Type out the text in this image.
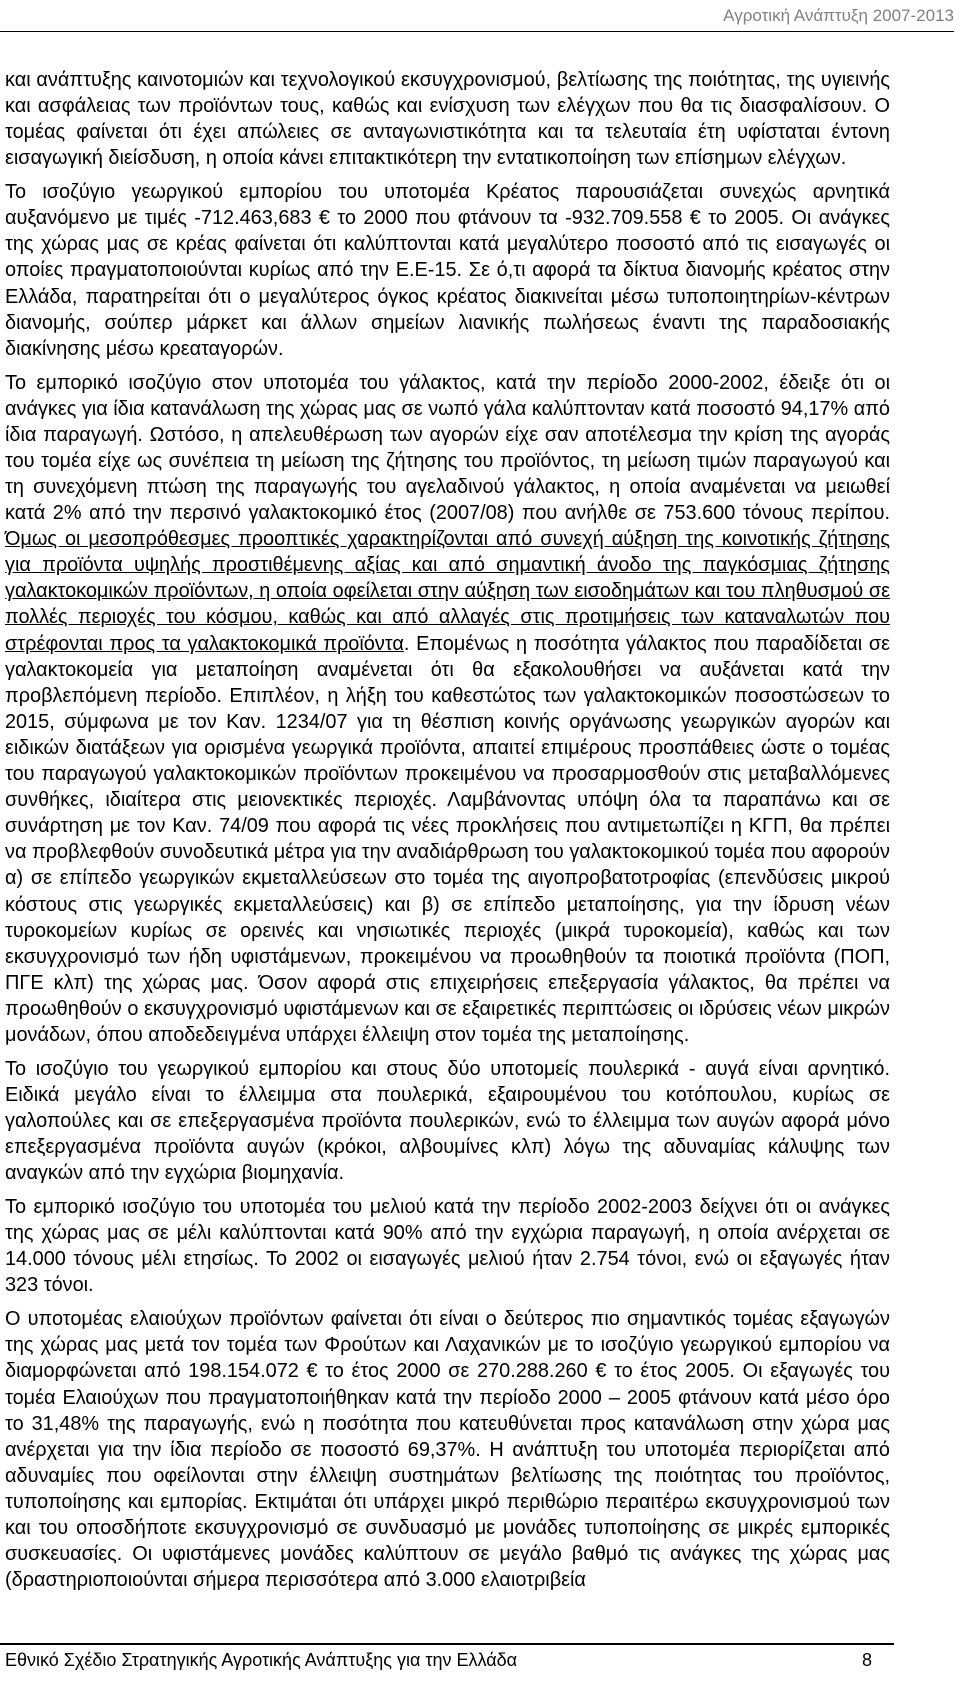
Αγροτική Ανάπτυξη 2007-2013

και ανάπτυξης καινοτομιών και τεχνολογικού εκσυγχρονισμού, βελτίωσης της ποιότητας, της υγιεινής και ασφάλειας των προϊόντων τους, καθώς και ενίσχυση των ελέγχων που θα τις διασφαλίσουν. Ο τομέας φαίνεται ότι έχει απώλειες σε ανταγωνιστικότητα και τα τελευταία έτη υφίσταται έντονη εισαγωγική διείσδυση, η οποία κάνει επιτακτικότερη την εντατικοποίηση των επίσημων ελέγχων.

Το ισοζύγιο γεωργικού εμπορίου του υποτομέα Κρέατος παρουσιάζεται συνεχώς αρνητικά αυξανόμενο με τιμές -712.463,683 € το 2000 που φτάνουν τα -932.709.558 € το 2005. Οι ανάγκες της χώρας μας σε κρέας φαίνεται ότι καλύπτονται κατά μεγαλύτερο ποσοστό από τις εισαγωγές οι οποίες πραγματοποιούνται κυρίως από την Ε.Ε-15. Σε ό,τι αφορά τα δίκτυα διανομής κρέατος στην Ελλάδα, παρατηρείται ότι ο μεγαλύτερος όγκος κρέατος διακινείται μέσω τυποποιητηρίων-κέντρων διανομής, σούπερ μάρκετ και άλλων σημείων λιανικής πωλήσεως έναντι της παραδοσιακής διακίνησης μέσω κρεαταγορών.

Το εμπορικό ισοζύγιο στον υποτομέα του γάλακτος, κατά την περίοδο 2000-2002, έδειξε ότι οι ανάγκες για ίδια κατανάλωση της χώρας μας σε νωπό γάλα καλύπτονταν κατά ποσοστό 94,17% από ίδια παραγωγή. Ωστόσο, η απελευθέρωση των αγορών είχε σαν αποτέλεσμα την κρίση της αγοράς του τομέα είχε ως συνέπεια τη μείωση της ζήτησης του προϊόντος, τη μείωση τιμών παραγωγού και τη συνεχόμενη πτώση της παραγωγής του αγελαδινού γάλακτος, η οποία αναμένεται να μειωθεί κατά 2% από την περσινό γαλακτοκομικό έτος (2007/08) που ανήλθε σε 753.600 τόνους περίπου. Όμως οι μεσοπρόθεσμες προοπτικές χαρακτηρίζονται από συνεχή αύξηση της κοινοτικής ζήτησης για προϊόντα υψηλής προστιθέμενης αξίας και από σημαντική άνοδο της παγκόσμιας ζήτησης γαλακτοκομικών προϊόντων, η οποία οφείλεται στην αύξηση των εισοδημάτων και του πληθυσμού σε πολλές περιοχές του κόσμου, καθώς και από αλλαγές στις προτιμήσεις των καταναλωτών που στρέφονται προς τα γαλακτοκομικά προϊόντα. Επομένως η ποσότητα γάλακτος που παραδίδεται σε γαλακτοκομεία για μεταποίηση αναμένεται ότι θα εξακολουθήσει να αυξάνεται κατά την προβλεπόμενη περίοδο. Επιπλέον, η λήξη του καθεστώτος των γαλακτοκομικών ποσοστώσεων το 2015, σύμφωνα με τον Καν. 1234/07 για τη θέσπιση κοινής οργάνωσης γεωργικών αγορών και ειδικών διατάξεων για ορισμένα γεωργικά προϊόντα, απαιτεί επιμέρους προσπάθειες ώστε ο τομέας του παραγωγού γαλακτοκομικών προϊόντων προκειμένου να προσαρμοσθούν στις μεταβαλλόμενες συνθήκες, ιδιαίτερα στις μειονεκτικές περιοχές. Λαμβάνοντας υπόψη όλα τα παραπάνω και σε συνάρτηση με τον Καν. 74/09 που αφορά τις νέες προκλήσεις που αντιμετωπίζει η ΚΓΠ, θα πρέπει να προβλεφθούν συνοδευτικά μέτρα για την αναδιάρθρωση του γαλακτοκομικού τομέα που αφορούν α) σε επίπεδο γεωργικών εκμεταλλεύσεων στο τομέα της αιγοπροβατοτροφίας (επενδύσεις μικρού κόστους στις γεωργικές εκμεταλλεύσεις) και β) σε επίπεδο μεταποίησης, για την ίδρυση νέων τυροκομείων κυρίως σε ορεινές και νησιωτικές περιοχές (μικρά τυροκομεία), καθώς και των εκσυγχρονισμό των ήδη υφιστάμενων, προκειμένου να προωθηθούν τα ποιοτικά προϊόντα (ΠΟΠ, ΠΓΕ κλπ) της χώρας μας. Όσον αφορά στις επιχειρήσεις επεξεργασία γάλακτος, θα πρέπει να προωθηθούν ο εκσυγχρονισμό υφιστάμενων και σε εξαιρετικές περιπτώσεις οι ιδρύσεις νέων μικρών μονάδων, όπου αποδεδειγμένα υπάρχει έλλειψη στον τομέα της μεταποίησης.

Το ισοζύγιο του γεωργικού εμπορίου και στους δύο υποτομείς πουλερικά - αυγά είναι αρνητικό. Ειδικά μεγάλο είναι το έλλειμμα στα πουλερικά, εξαιρουμένου του κοτόπουλου, κυρίως σε γαλοπούλες και σε επεξεργασμένα προϊόντα πουλερικών, ενώ το έλλειμμα των αυγών αφορά μόνο επεξεργασμένα προϊόντα αυγών (κρόκοι, αλβουμίνες κλπ) λόγω της αδυναμίας κάλυψης των αναγκών από την εγχώρια βιομηχανία.

Το εμπορικό ισοζύγιο του υποτομέα του μελιού κατά την περίοδο 2002-2003 δείχνει ότι οι ανάγκες της χώρας μας σε μέλι καλύπτονται κατά 90% από την εγχώρια παραγωγή, η οποία ανέρχεται σε 14.000 τόνους μέλι ετησίως. Το 2002 οι εισαγωγές μελιού ήταν 2.754 τόνοι, ενώ οι εξαγωγές ήταν 323 τόνοι.

Ο υποτομέας ελαιούχων προϊόντων φαίνεται ότι είναι ο δεύτερος πιο σημαντικός τομέας εξαγωγών της χώρας μας μετά τον τομέα των Φρούτων και Λαχανικών με το ισοζύγιο γεωργικού εμπορίου να διαμορφώνεται από 198.154.072 € το έτος 2000 σε 270.288.260 € το έτος 2005. Οι εξαγωγές του τομέα Ελαιούχων που πραγματοποιήθηκαν κατά την περίοδο 2000 – 2005 φτάνουν κατά μέσο όρο το 31,48% της παραγωγής, ενώ η ποσότητα που κατευθύνεται προς κατανάλωση στην χώρα μας ανέρχεται για την ίδια περίοδο σε ποσοστό 69,37%. Η ανάπτυξη του υποτομέα περιορίζεται από αδυναμίες που οφείλονται στην έλλειψη συστημάτων βελτίωσης της ποιότητας του προϊόντος, τυποποίησης και εμπορίας. Εκτιμάται ότι υπάρχει μικρό περιθώριο περαιτέρω εκσυγχρονισμού των και του οποσδήποτε εκσυγχρονισμό σε συνδυασμό με μονάδες τυποποίησης σε μικρές εμπορικές συσκευασίες. Οι υφιστάμενες μονάδες καλύπτουν σε μεγάλο βαθμό τις ανάγκες της χώρας μας (δραστηριοποιούνται σήμερα περισσότερα από 3.000 ελαιοτριβεία

Εθνικό Σχέδιο Στρατηγικής Αγροτικής Ανάπτυξης για την Ελλάδα	8
